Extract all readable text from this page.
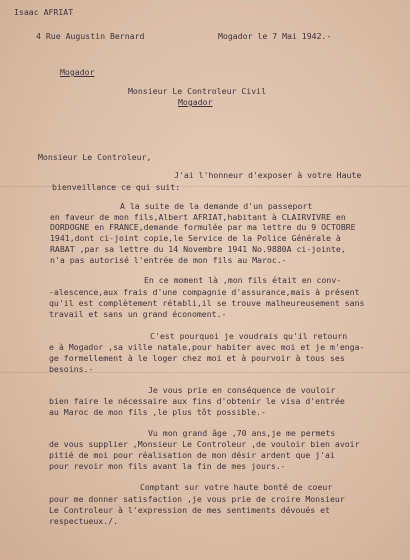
Isaac AFRIAT
4 Rue Augustin Bernard
Mogador
Mogador le 7 Mai 1942.-
Monsieur Le Controleur Civil
Mogador
Monsieur Le Controleur,
J'ai l'honneur d'exposer à votre Haute
bienveillance ce qui suit:
A la suite de la demande d'un passeport
en faveur de mon fils,Albert AFRIAT,habitant à CLAIRVIVRE en
DORDOGNE en FRANCE,demande formulée par ma lettre du 9 OCTOBRE
1941,dont ci-joint copie,le Service de la Police Générale à
RABAT ,par sa lettre du 14 Novembre 1941 No.9880A ci-jointe,
n'a pas autorisé l'entrée de mon fils au Maroc.-
En ce moment là ,mon fils était en conv-
-alescence,aux frais d'une compagnie d'assurance,mais à présent
qu'il est complètement rétabli,il se trouve malheureusement sans
travail et sans un grand économent.-
C'est pourquoi je voudrais qu'il retourn
e à Mogador ,sa ville natale,pour habiter avec moi et je m'enga-
ge formellement à le loger chez moi et à pourvoir à tous ses
besoins.-
Je vous prie en conséquence de vouloir
bien faire le nécessaire aux fins d'obtenir le visa d'entrée
au Maroc de mon fils ,le plus tôt possible.-
Vu mon grand âge ,70 ans,je me permets
de vous supplier ,Monsieur Le Controleur ,de vouloir bien avoir
pitié de moi pour réalisation de mon désir ardent que j'ai
pour revoir mon fils avant la fin de mes jours.-
Comptant sur votre haute bonté de coeur
pour me donner satisfaction ,je vous prie de croire Monsieur
Le Controleur à l'expression de mes sentiments dévoués et
respectueux./.
